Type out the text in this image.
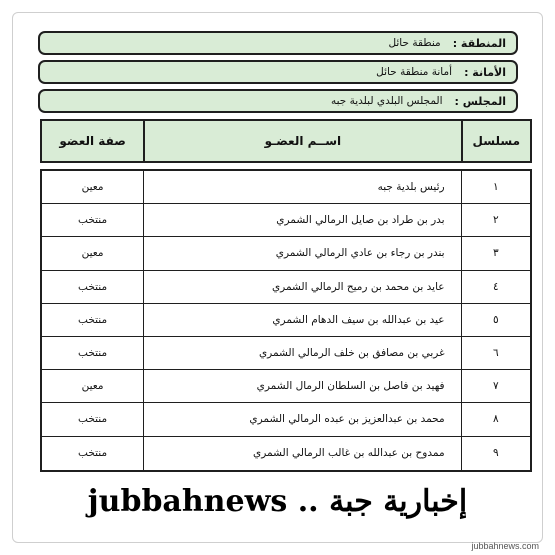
المنطقة :
منطقة حائل
الأمانة :
أمانة منطقة حائل
المجلس :
المجلس البلدي لبلدية جبه
مسلسل
اســم العضـو
صفة العضو
١
رئيس بلدية جبه
معين
٢
بدر بن طراد بن صايل الرمالي الشمري
منتخب
٣
بندر بن رجاء بن عادي الرمالي الشمري
معين
٤
عايد بن محمد بن رميح الرمالي الشمري
منتخب
٥
عيد بن عبدالله بن سيف الدهام الشمري
منتخب
٦
غربي بن مصافق بن خلف الرمالي الشمري
منتخب
٧
فهيد بن فاصل بن السلطان الرمال الشمري
معين
٨
محمد بن عبدالعزيز بن عبده الرمالي الشمري
منتخب
٩
ممدوح بن عبدالله بن غالب الرمالي الشمري
منتخب
jubbahnews .. إخبارية جبة
jubbahnews.com
